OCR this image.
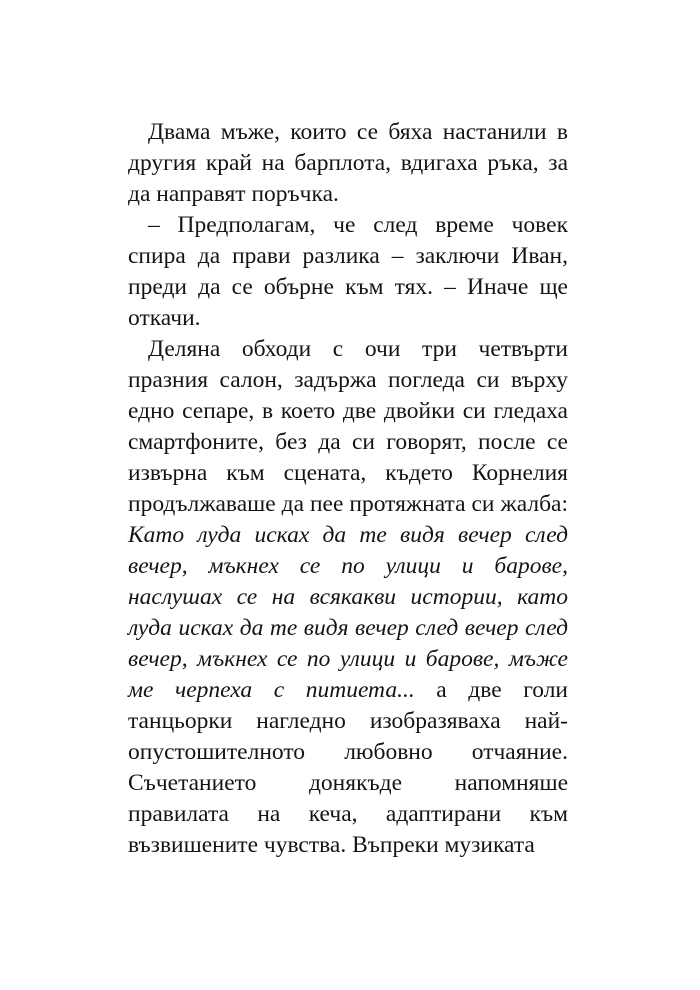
Двама мъже, които се бяха настанили в другия край на барплота, вдигаха ръка, за да направят поръчка.

– Предполагам, че след време човек спира да прави разлика – заключи Иван, преди да се обърне към тях. – Иначе ще откачи.

Деляна обходи с очи три четвърти празния салон, задържа погледа си върху едно сепаре, в което две двойки си гледаха смартфоните, без да си говорят, после се извърна към сцената, където Корнелия продължаваше да пее протяжната си жалба: Като луда исках да те видя вечер след вечер, мъкнех се по улици и барове, наслушах се на всякакви истории, като луда исках да те видя вечер след вечер след вечер, мъкнех се по улици и барове, мъже ме черпеха с питиета... а две голи танцьорки нагледно изобразяваха най-опустошителното любовно отчаяние. Съчетанието донякъде напомняше правилата на кеча, адаптирани към възвишените чувства. Въпреки музиката
